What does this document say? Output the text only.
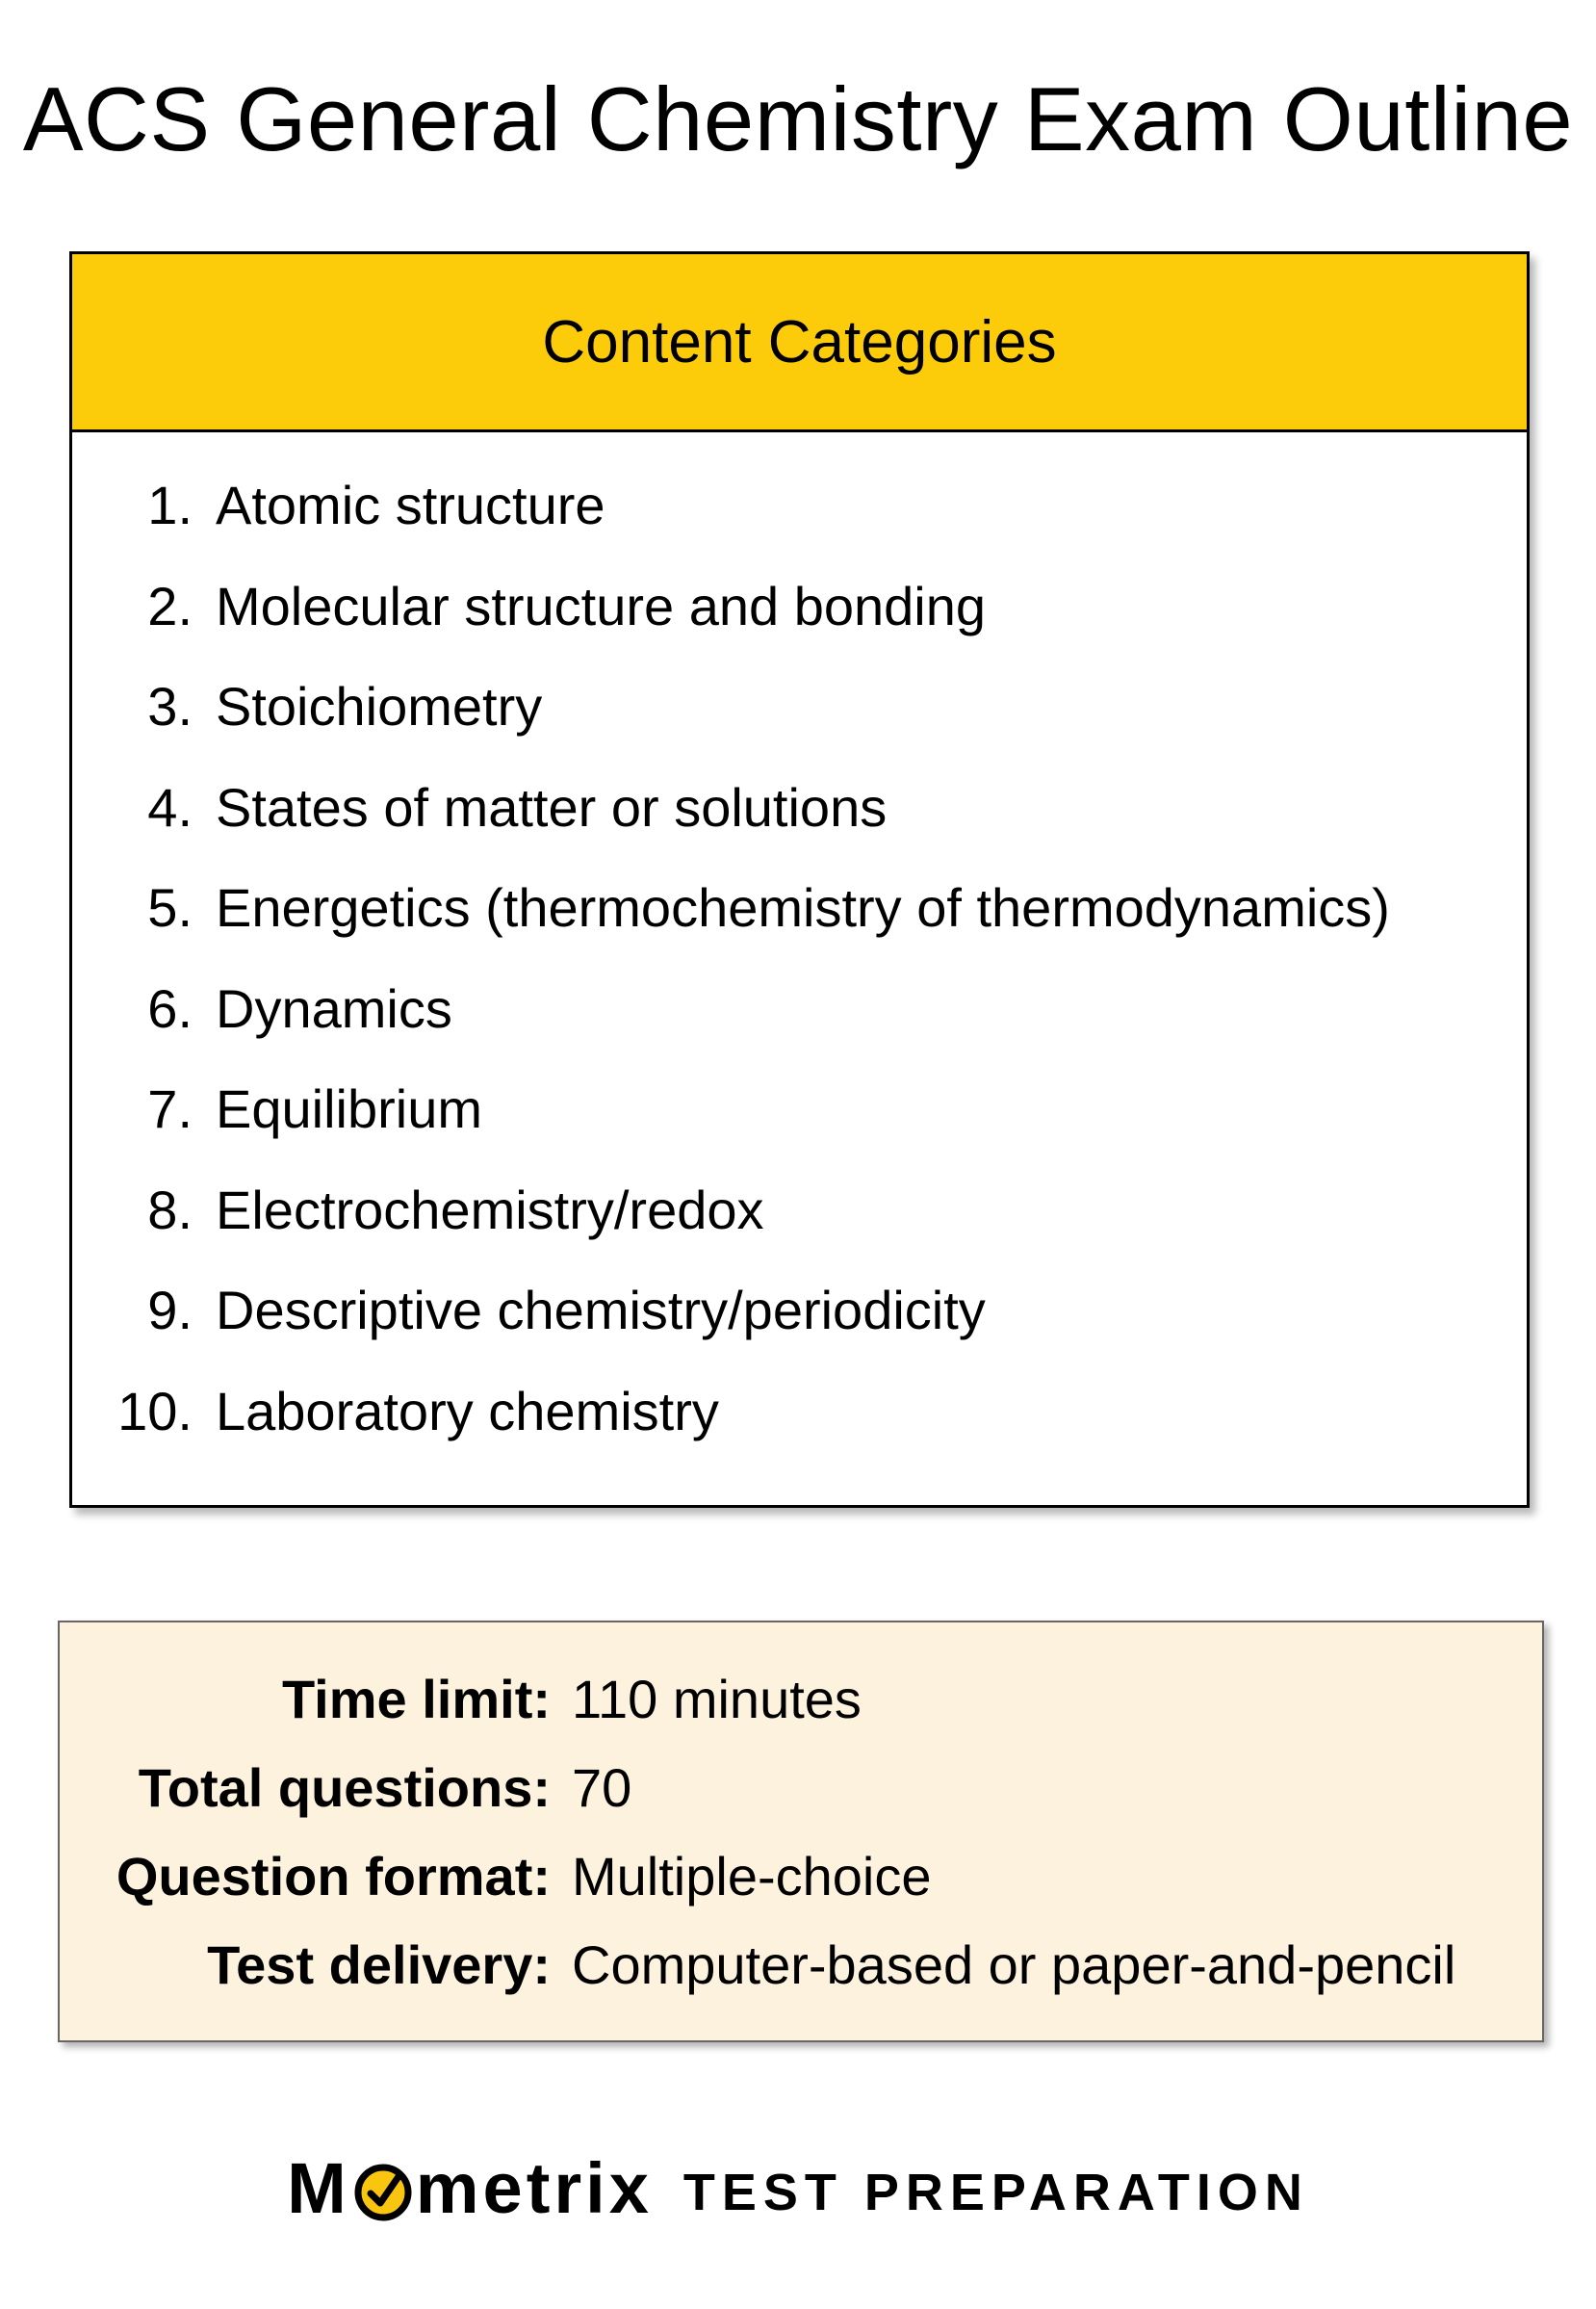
ACS General Chemistry Exam Outline
Content Categories
1. Atomic structure
2. Molecular structure and bonding
3. Stoichiometry
4. States of matter or solutions
5. Energetics (thermochemistry of thermodynamics)
6. Dynamics
7. Equilibrium
8. Electrochemistry/redox
9. Descriptive chemistry/periodicity
10. Laboratory chemistry
Time limit: 110 minutes
Total questions: 70
Question format: Multiple-choice
Test delivery: Computer-based or paper-and-pencil
M metrix TEST PREPARATION
